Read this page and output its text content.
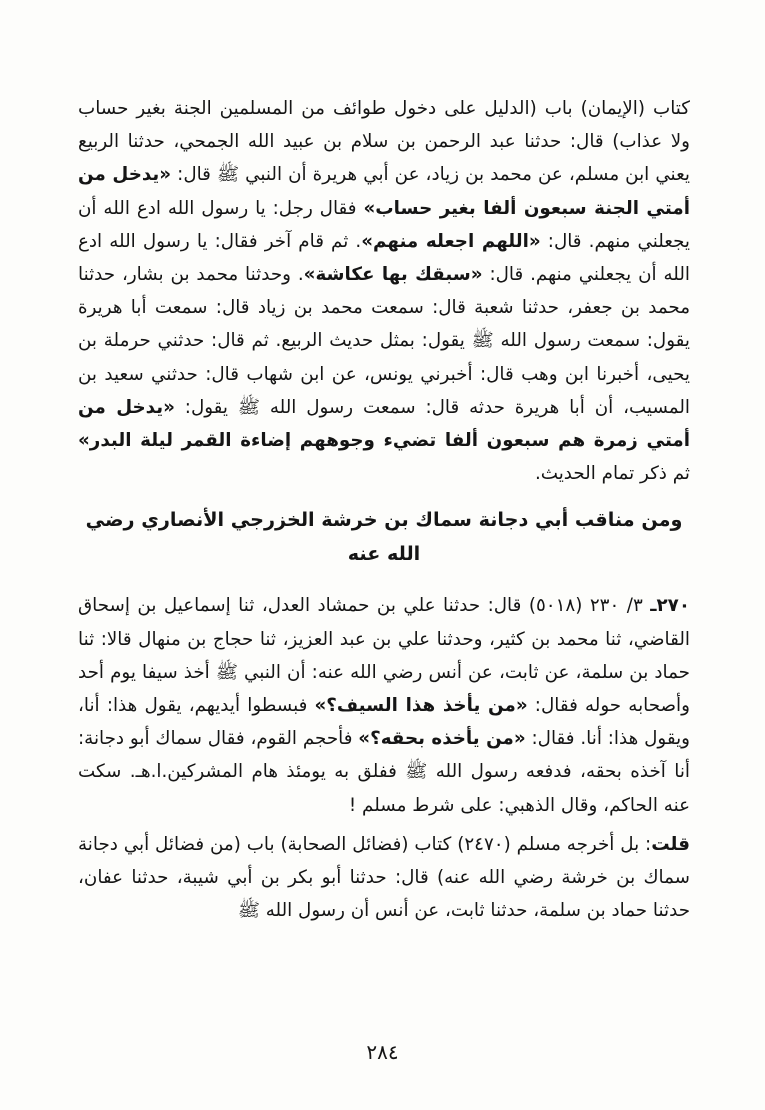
كتاب (الإيمان) باب (الدليل على دخول طوائف من المسلمين الجنة بغير حساب ولا عذاب) قال: حدثنا عبد الرحمن بن سلام بن عبيد الله الجمحي، حدثنا الربيع يعني ابن مسلم، عن محمد بن زياد، عن أبي هريرة أن النبي ﷺ قال: «يدخل من أمتي الجنة سبعون ألفا بغير حساب» فقال رجل: يا رسول الله ادع الله أن يجعلني منهم. قال: «اللهم اجعله منهم». ثم قام آخر فقال: يا رسول الله ادع الله أن يجعلني منهم. قال: «سبقك بها عكاشة». وحدثنا محمد بن بشار، حدثنا محمد بن جعفر، حدثنا شعبة قال: سمعت محمد بن زياد قال: سمعت أبا هريرة يقول: سمعت رسول الله ﷺ يقول: بمثل حديث الربيع. ثم قال: حدثني حرملة بن يحيى، أخبرنا ابن وهب قال: أخبرني يونس، عن ابن شهاب قال: حدثني سعيد بن المسيب، أن أبا هريرة حدثه قال: سمعت رسول الله ﷺ يقول: «يدخل من أمتي زمرة هم سبعون ألفا تضيء وجوههم إضاءة القمر ليلة البدر» ثم ذكر تمام الحديث.

ومن مناقب أبي دجانة سماك بن خرشة الخزرجي الأنصاري رضي الله عنه

٢٧٠ـ ٣/ ٢٣٠ (٥٠١٨) قال: حدثنا علي بن حمشاد العدل، ثنا إسماعيل بن إسحاق القاضي، ثنا محمد بن كثير، وحدثنا علي بن عبد العزيز، ثنا حجاج بن منهال قالا: ثنا حماد بن سلمة، عن ثابت، عن أنس رضي الله عنه: أن النبي ﷺ أخذ سيفا يوم أحد وأصحابه حوله فقال: «من يأخذ هذا السيف؟» فبسطوا أيديهم، يقول هذا: أنا، ويقول هذا: أنا. فقال: «من يأخذه بحقه؟» فأحجم القوم، فقال سماك أبو دجانة: أنا آخذه بحقه، فدفعه رسول الله ﷺ ففلق به يومئذ هام المشركين.ا.هـ. سكت عنه الحاكم، وقال الذهبي: على شرط مسلم !

قلت: بل أخرجه مسلم (٢٤٧٠) كتاب (فضائل الصحابة) باب (من فضائل أبي دجانة سماك بن خرشة رضي الله عنه) قال: حدثنا أبو بكر بن أبي شيبة، حدثنا عفان، حدثنا حماد بن سلمة، حدثنا ثابت، عن أنس أن رسول الله ﷺ

٢٨٤
